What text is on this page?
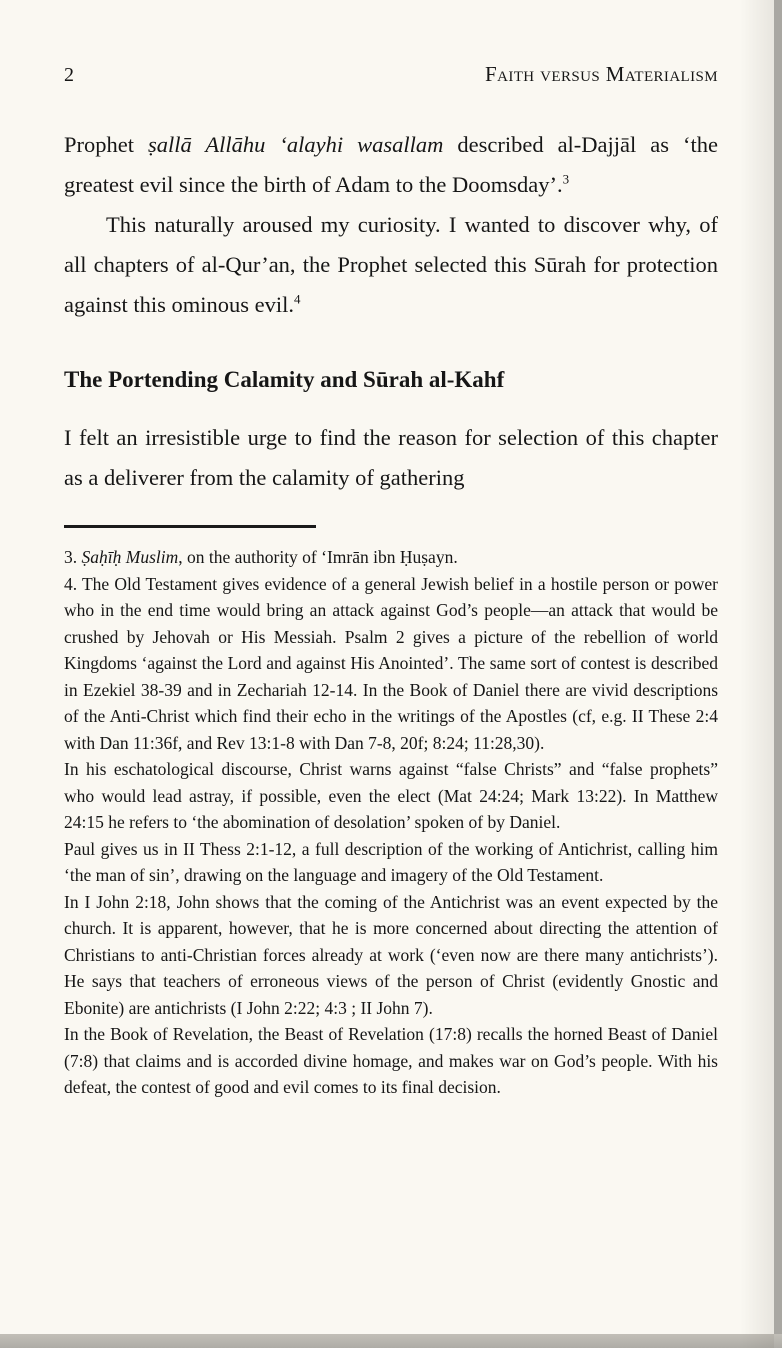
2	Faith versus Materialism

Prophet ṣallā Allāhu ‘alayhi wasallam described al-Dajjāl as ‘the greatest evil since the birth of Adam to the Doomsday’.$^3$

This naturally aroused my curiosity. I wanted to discover why, of all chapters of al-Qur’an, the Prophet selected this Sūrah for protection against this ominous evil.$^4$

The Portending Calamity and Sūrah al-Kahf

I felt an irresistible urge to find the reason for selection of this chapter as a deliverer from the calamity of gathering

3. Ṣaḥīḥ Muslim, on the authority of ‘Imrān ibn Ḥuṣayn.

4. The Old Testament gives evidence of a general Jewish belief in a hostile person or power who in the end time would bring an attack against God’s people—an attack that would be crushed by Jehovah or His Messiah. Psalm 2 gives a picture of the rebellion of world Kingdoms ‘against the Lord and against His Anointed’. The same sort of contest is described in Ezekiel 38-39 and in Zechariah 12-14. In the Book of Daniel there are vivid descriptions of the Anti-Christ which find their echo in the writings of the Apostles (cf, e.g. II These 2:4 with Dan 11:36f, and Rev 13:1-8 with Dan 7-8, 20f; 8:24; 11:28,30).

In his eschatological discourse, Christ warns against “false Christs” and “false prophets” who would lead astray, if possible, even the elect (Mat 24:24; Mark 13:22). In Matthew 24:15 he refers to ‘the abomination of desolation’ spoken of by Daniel.

Paul gives us in II Thess 2:1-12, a full description of the working of Antichrist, calling him ‘the man of sin’, drawing on the language and imagery of the Old Testament.

In I John 2:18, John shows that the coming of the Antichrist was an event expected by the church. It is apparent, however, that he is more concerned about directing the attention of Christians to anti-Christian forces already at work (‘even now are there many antichrists’). He says that teachers of erroneous views of the person of Christ (evidently Gnostic and Ebonite) are antichrists (I John 2:22; 4:3 ; II John 7).

In the Book of Revelation, the Beast of Revelation (17:8) recalls the horned Beast of Daniel (7:8) that claims and is accorded divine homage, and makes war on God’s people. With his defeat, the contest of good and evil comes to its final decision.
